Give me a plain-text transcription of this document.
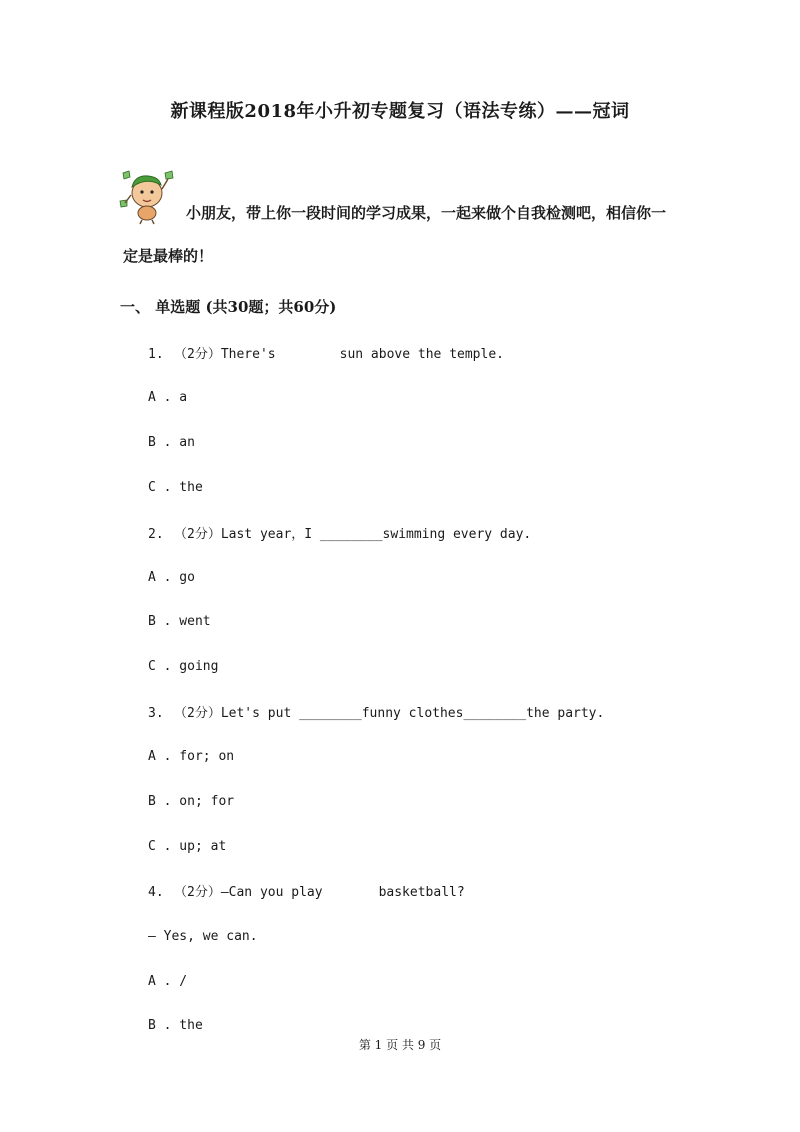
新课程版2018年小升初专题复习（语法专练）——冠词
小朋友，带上你一段时间的学习成果，一起来做个自我检测吧，相信你一
定是最棒的！
一、 单选题 (共30题；共60分)
1. （2分）There's	sun above the temple.
A . a
B . an
C . the
2. （2分）Last year，I ________swimming every day.
A . go
B . went
C . going
3. （2分）Let's put ________funny clothes________the party.
A . for; on
B . on; for
C . up; at
4. （2分）—Can you play	basketball?
— Yes, we can.
A . /
B . the
第 1 页 共 9 页
